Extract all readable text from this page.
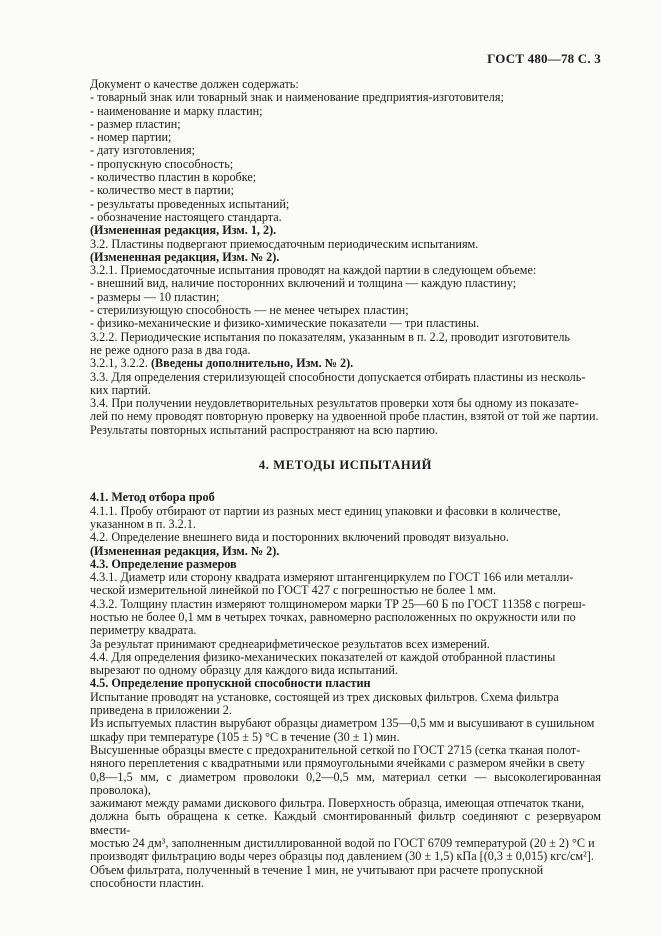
ГОСТ 480—78 С. 3

Документ о качестве должен содержать:

- товарный знак или товарный знак и наименование предприятия-изготовителя;
- наименование и марку пластин;
- размер пластин;
- номер партии;
- дату изготовления;
- пропускную способность;
- количество пластин в коробке;
- количество мест в партии;
- результаты проведенных испытаний;
- обозначение настоящего стандарта.

(Измененная редакция, Изм. 1, 2).

3.2. Пластины подвергают приемосдаточным периодическим испытаниям.

(Измененная редакция, Изм. № 2).

3.2.1. Приемосдаточные испытания проводят на каждой партии в следующем объеме:

- внешний вид, наличие посторонних включений и толщина — каждую пластину;
- размеры — 10 пластин;
- стерилизующую способность — не менее четырех пластин;
- физико-механические и физико-химические показатели — три пластины.

3.2.2. Периодические испытания по показателям, указанным в п. 2.2, проводит изготовитель

не реже одного раза в два года.

3.2.1, 3.2.2. (Введены дополнительно, Изм. № 2).

3.3. Для определения стерилизующей способности допускается отбирать пластины из несколь-

ких партий.

3.4. При получении неудовлетворительных результатов проверки хотя бы одному из показате-

лей по нему проводят повторную проверку на удвоенной пробе пластин, взятой от той же партии.

Результаты повторных испытаний распространяют на всю партию.

4. МЕТОДЫ ИСПЫТАНИЙ

4.1. Метод отбора проб

4.1.1. Пробу отбирают от партии из разных мест единиц упаковки и фасовки в количестве,

указанном в п. 3.2.1.

4.2. Определение внешнего вида и посторонних включений проводят визуально.

(Измененная редакция, Изм. № 2).

4.3. Определение размеров

4.3.1. Диаметр или сторону квадрата измеряют штангенциркулем по ГОСТ 166 или металли-

ческой измерительной линейкой по ГОСТ 427 с погрешностью не более 1 мм.

4.3.2. Толщину пластин измеряют толщиномером марки ТР 25—60 Б по ГОСТ 11358 с погреш-

ностью не более 0,1 мм в четырех точках, равномерно расположенных по окружности или по

периметру квадрата.

За результат принимают среднеарифметическое результатов всех измерений.

4.4. Для определения физико-механических показателей от каждой отобранной пластины

вырезают по одному образцу для каждого вида испытаний.

4.5. Определение пропускной способности пластин

Испытание проводят на установке, состоящей из трех дисковых фильтров. Схема фильтра

приведена в приложении 2.

Из испытуемых пластин вырубают образцы диаметром 135—0,5 мм и высушивают в сушильном

шкафу при температуре (105 ± 5) °С в течение (30 ± 1) мин.

Высушенные образцы вместе с предохранительной сеткой по ГОСТ 2715 (сетка тканая полот-

няного переплетения с квадратными или прямоугольными ячейками с размером ячейки в свету

0,8—1,5 мм, с диаметром проволоки 0,2—0,5 мм, материал сетки — высоколегированная проволока),

зажимают между рамами дискового фильтра. Поверхность образца, имеющая отпечаток ткани,

должна быть обращена к сетке. Каждый смонтированный фильтр соединяют с резервуаром вмести-

мостью 24 дм³, заполненным дистиллированной водой по ГОСТ 6709 температурой (20 ± 2) °С и

производят фильтрацию воды через образцы под давлением (30 ± 1,5) кПа [(0,3 ± 0,015) кгс/см²].

Объем фильтрата, полученный в течение 1 мин, не учитывают при расчете пропускной

способности пластин.
